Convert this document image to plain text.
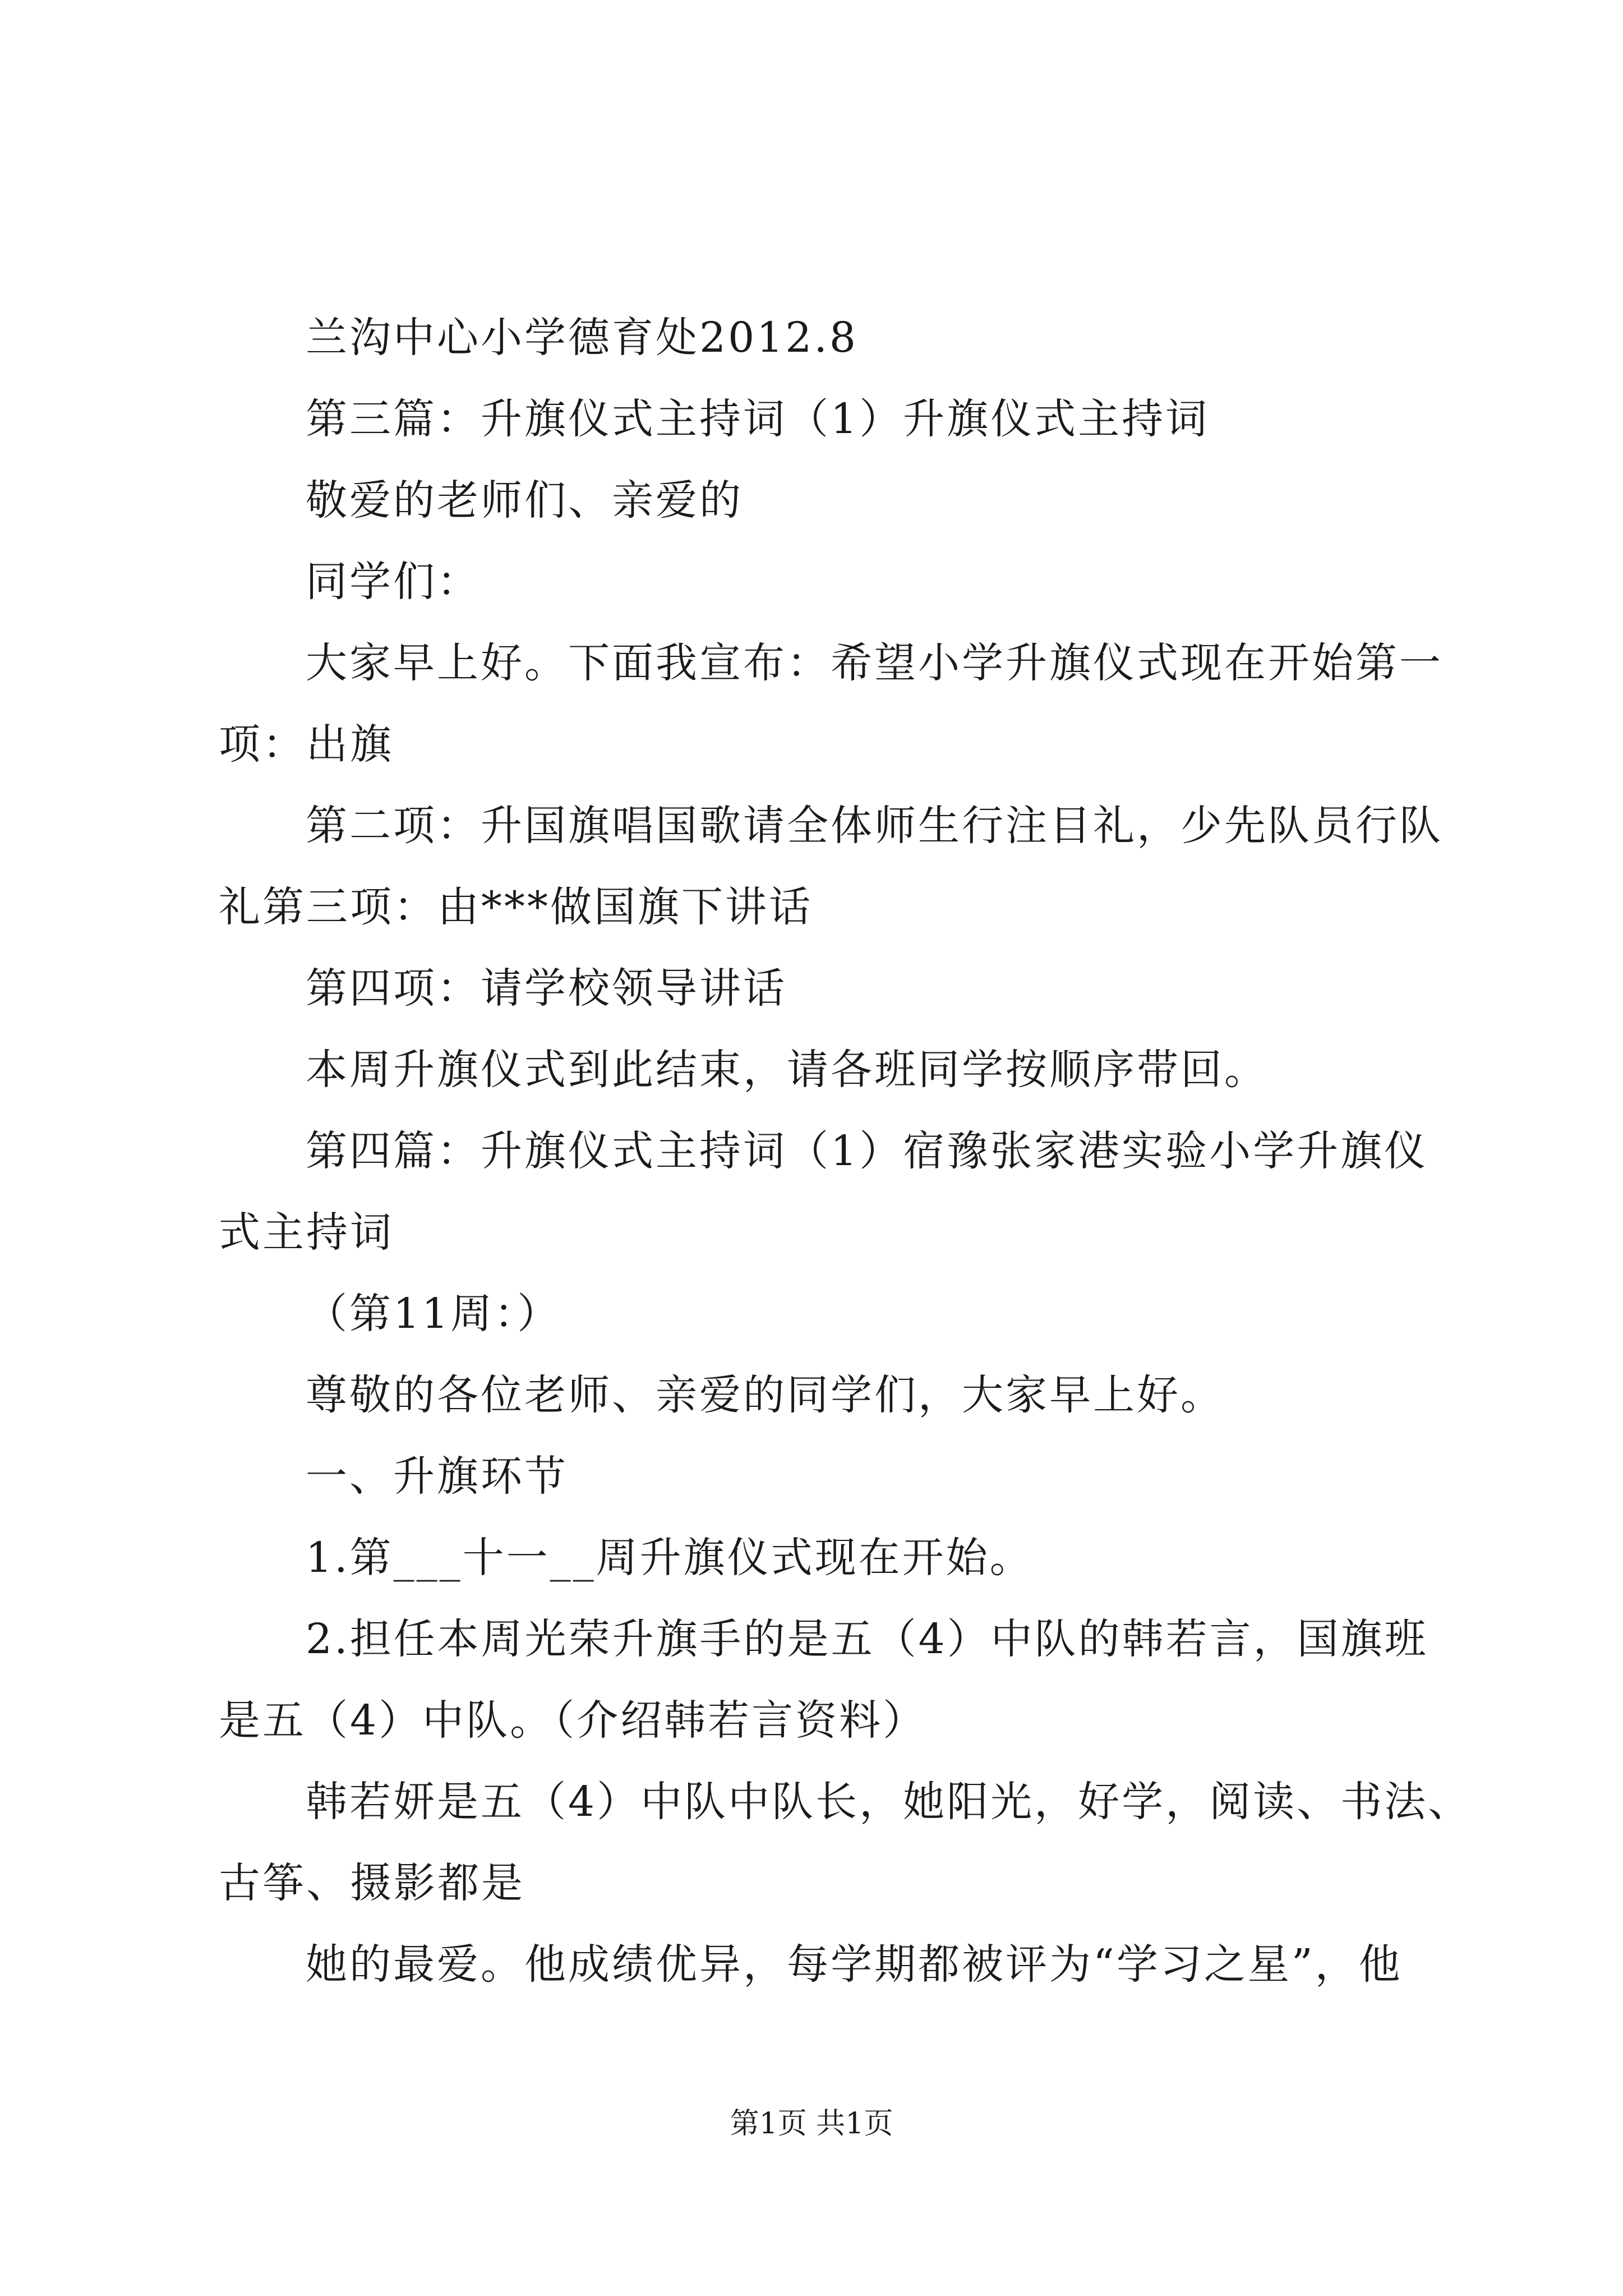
兰沟中心小学德育处2012.8
第三篇：升旗仪式主持词（1）升旗仪式主持词
敬爱的老师们、亲爱的
同学们：
大家早上好。下面我宣布：希望小学升旗仪式现在开始第一
项：出旗
第二项：升国旗唱国歌请全体师生行注目礼，少先队员行队
礼第三项：由***做国旗下讲话
第四项：请学校领导讲话
本周升旗仪式到此结束，请各班同学按顺序带回。
第四篇：升旗仪式主持词（1）宿豫张家港实验小学升旗仪
式主持词
（第11周：）
尊敬的各位老师、亲爱的同学们，大家早上好。
一、升旗环节
1.第___十一__周升旗仪式现在开始。
2.担任本周光荣升旗手的是五（4）中队的韩若言，国旗班
是五（4）中队。（介绍韩若言资料）
韩若妍是五（4）中队中队长，她阳光，好学，阅读、书法、
古筝、摄影都是
她的最爱。他成绩优异，每学期都被评为“学习之星”，他
第1页 共1页
